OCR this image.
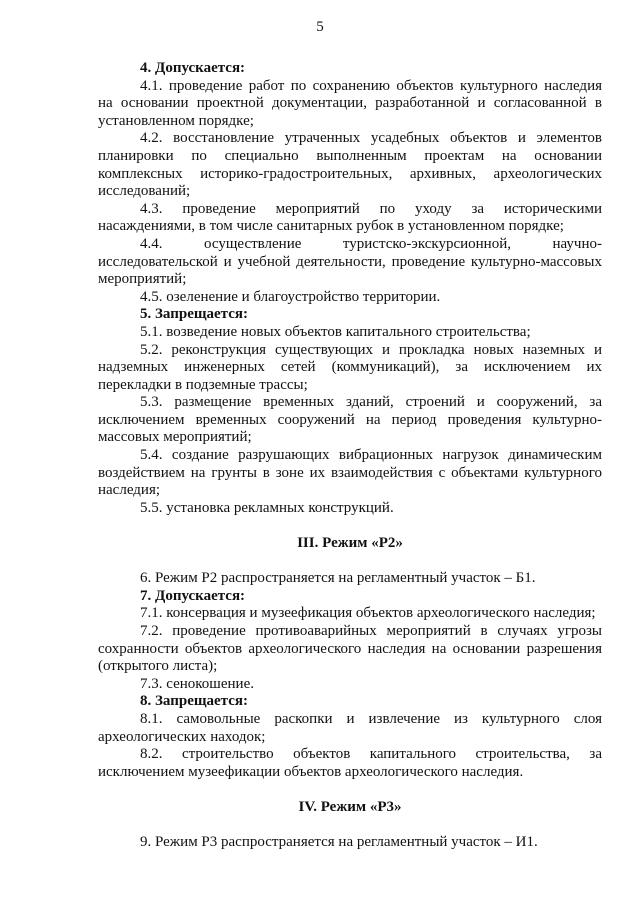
5

4. Допускается:

4.1. проведение работ по сохранению объектов культурного наследия на основании проектной документации, разработанной и согласованной в установленном порядке;

4.2. восстановление утраченных усадебных объектов и элементов планировки по специально выполненным проектам на основании комплексных историко-градостроительных, архивных, археологических исследований;

4.3. проведение мероприятий по уходу за историческими насаждениями, в том числе санитарных рубок в установленном порядке;

4.4. осуществление туристско-экскурсионной, научно-исследовательской и учебной деятельности, проведение культурно-массовых мероприятий;

4.5. озеленение и благоустройство территории.

5. Запрещается:

5.1. возведение новых объектов капитального строительства;

5.2. реконструкция существующих и прокладка новых наземных и надземных инженерных сетей (коммуникаций), за исключением их перекладки в подземные трассы;

5.3. размещение временных зданий, строений и сооружений, за исключением временных сооружений на период проведения культурно-массовых мероприятий;

5.4. создание разрушающих вибрационных нагрузок динамическим воздействием на грунты в зоне их взаимодействия с объектами культурного наследия;

5.5. установка рекламных конструкций.

III. Режим «Р2»

6. Режим Р2 распространяется на регламентный участок – Б1.

7. Допускается:

7.1. консервация и музеефикация объектов археологического наследия;

7.2. проведение противоаварийных мероприятий в случаях угрозы сохранности объектов археологического наследия на основании разрешения (открытого листа);

7.3. сенокошение.

8. Запрещается:

8.1. самовольные раскопки и извлечение из культурного слоя археологических находок;

8.2. строительство объектов капитального строительства, за исключением музеефикации объектов археологического наследия.

IV. Режим «Р3»

9. Режим Р3 распространяется на регламентный участок – И1.
